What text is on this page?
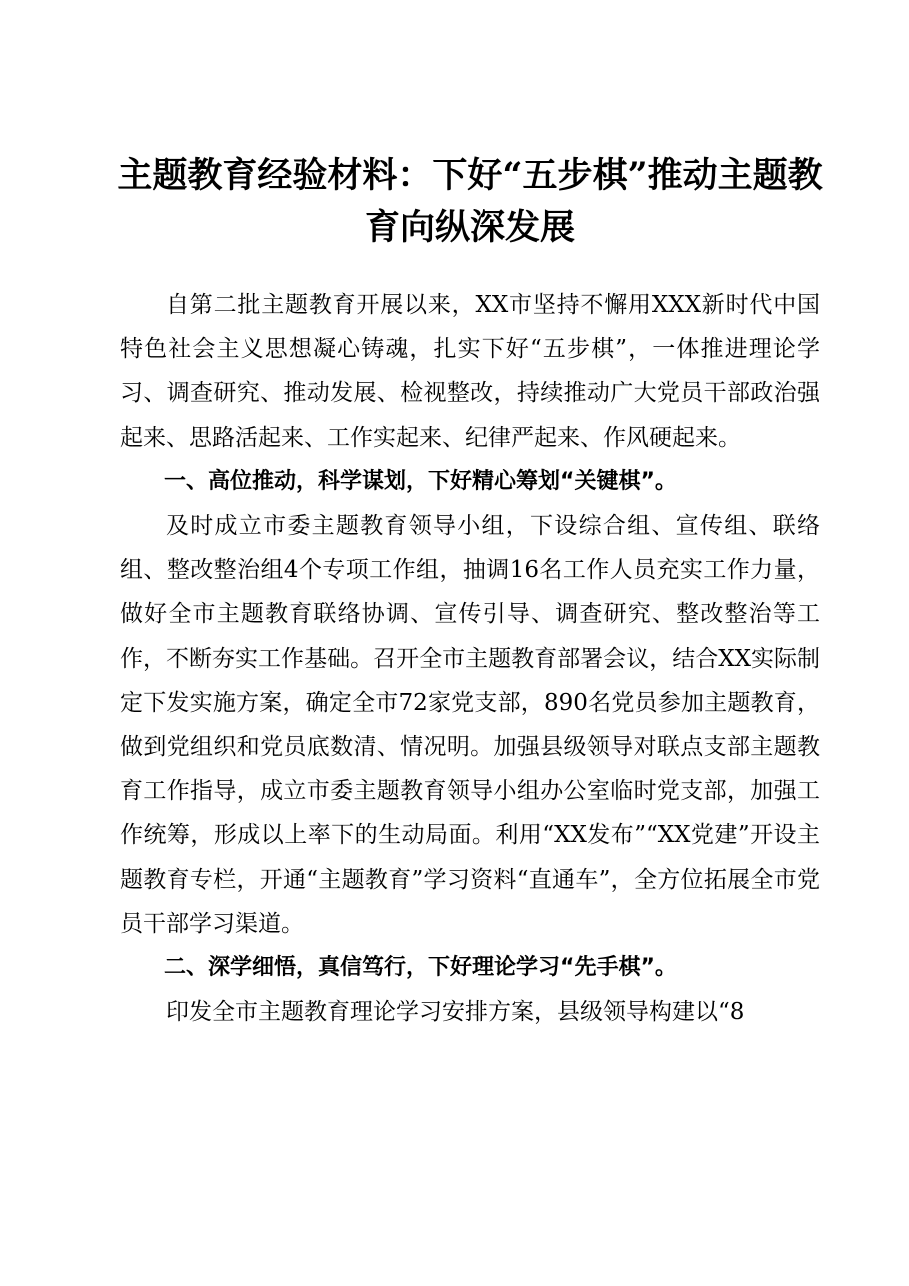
主题教育经验材料：下好“五步棋”推动主题教育向纵深发展

自第二批主题教育开展以来，XX市坚持不懈用XXX新时代中国特色社会主义思想凝心铸魂，扎实下好“五步棋”，一体推进理论学习、调查研究、推动发展、检视整改，持续推动广大党员干部政治强起来、思路活起来、工作实起来、纪律严起来、作风硬起来。

一、高位推动，科学谋划，下好精心筹划“关键棋”。

及时成立市委主题教育领导小组，下设综合组、宣传组、联络组、整改整治组4个专项工作组，抽调16名工作人员充实工作力量，做好全市主题教育联络协调、宣传引导、调查研究、整改整治等工作，不断夯实工作基础。召开全市主题教育部署会议，结合XX实际制定下发实施方案，确定全市72家党支部，890名党员参加主题教育，做到党组织和党员底数清、情况明。加强县级领导对联点支部主题教育工作指导，成立市委主题教育领导小组办公室临时党支部，加强工作统筹，形成以上率下的生动局面。利用“XX发布”“XX党建”开设主题教育专栏，开通“主题教育”学习资料“直通车”，全方位拓展全市党员干部学习渠道。

二、深学细悟，真信笃行，下好理论学习“先手棋”。

印发全市主题教育理论学习安排方案，县级领导构建以“8
